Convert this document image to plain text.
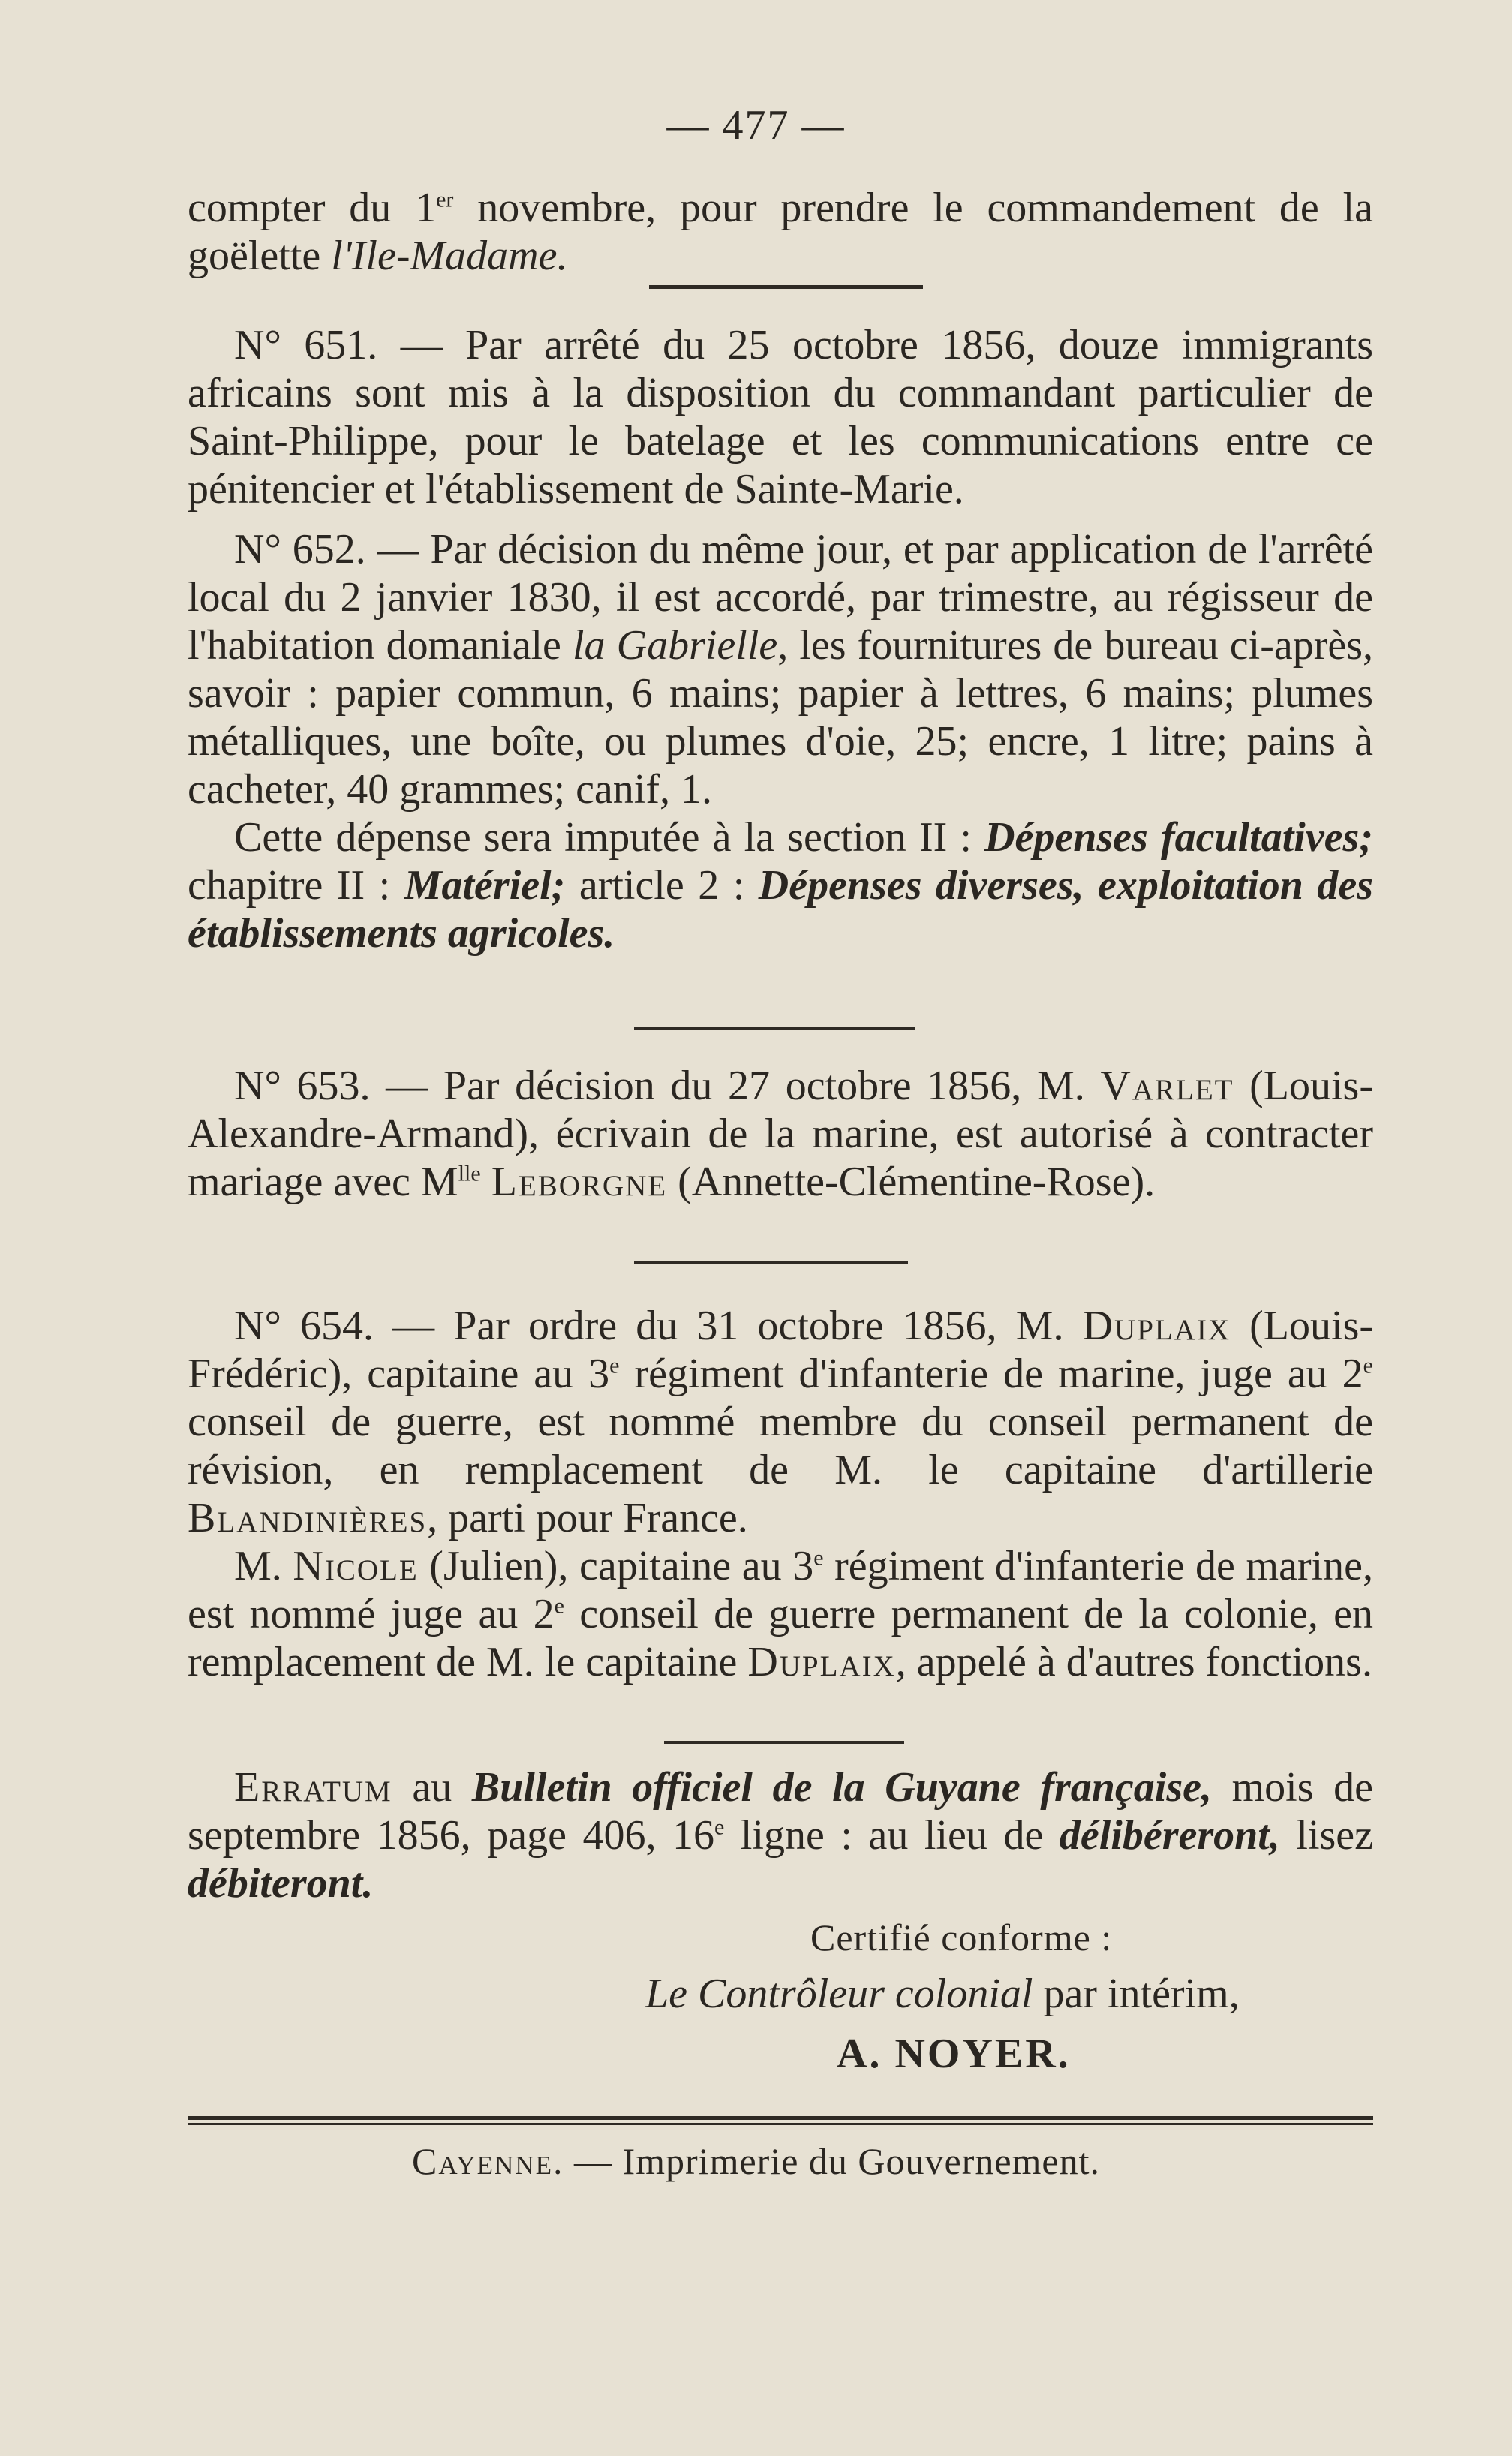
— 477 —

compter du 1er novembre, pour prendre le commandement de la goëlette l'Ile-Madame.

N° 651. — Par arrêté du 25 octobre 1856, douze immigrants africains sont mis à la disposition du commandant particulier de Saint-Philippe, pour le batelage et les communications entre ce pénitencier et l'établissement de Sainte-Marie.

N° 652. — Par décision du même jour, et par application de l'arrêté local du 2 janvier 1830, il est accordé, par trimestre, au régisseur de l'habitation domaniale la Gabrielle, les fournitures de bureau ci-après, savoir : papier commun, 6 mains; papier à lettres, 6 mains; plumes métalliques, une boîte, ou plumes d'oie, 25; encre, 1 litre; pains à cacheter, 40 grammes; canif, 1.

Cette dépense sera imputée à la section II : Dépenses facultatives; chapitre II : Matériel; article 2 : Dépenses diverses, exploitation des établissements agricoles.

N° 653. — Par décision du 27 octobre 1856, M. Varlet (Louis-Alexandre-Armand), écrivain de la marine, est autorisé à contracter mariage avec $M^{lle}$ Leborgne (Annette-Clémentine-Rose).

N° 654. — Par ordre du 31 octobre 1856, M. Duplaix (Louis-Frédéric), capitaine au 3e régiment d'infanterie de marine, juge au 2e conseil de guerre, est nommé membre du conseil permanent de révision, en remplacement de M. le capitaine d'artillerie Blandinières, parti pour France.

M. Nicole (Julien), capitaine au 3e régiment d'infanterie de marine, est nommé juge au 2e conseil de guerre permanent de la colonie, en remplacement de M. le capitaine Duplaix, appelé à d'autres fonctions.

Erratum au Bulletin officiel de la Guyane française, mois de septembre 1856, page 406, 16e ligne : au lieu de délibéreront, lisez débiteront.

Certifié conforme :
Le Contrôleur colonial par intérim,
A. NOYER.
Cayenne. — Imprimerie du Gouvernement.
